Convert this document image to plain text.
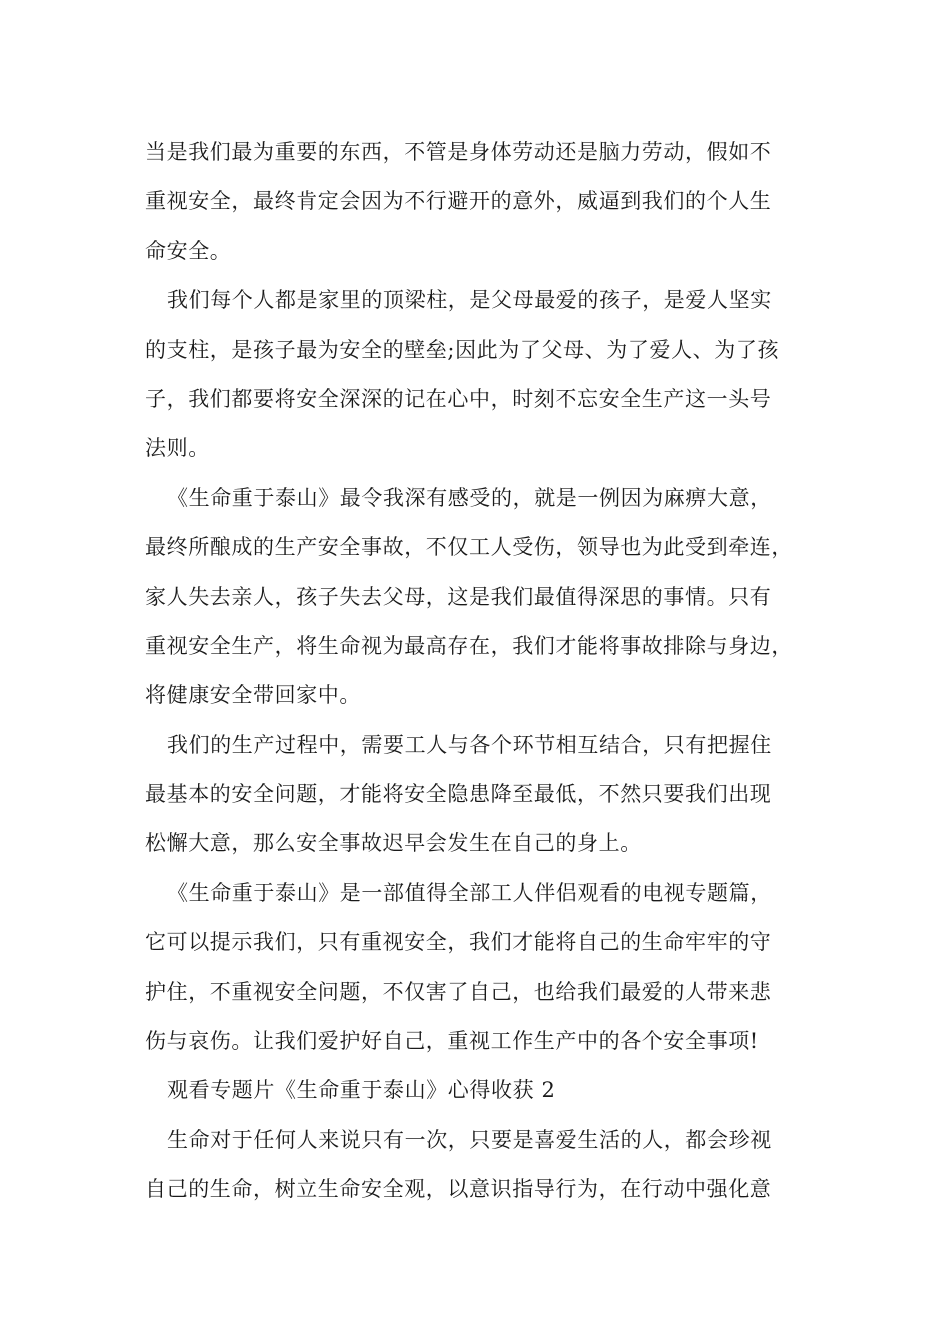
当是我们最为重要的东西，不管是身体劳动还是脑力劳动，假如不
重视安全，最终肯定会因为不行避开的意外，威逼到我们的个人生
命安全。
我们每个人都是家里的顶梁柱，是父母最爱的孩子，是爱人坚实
的支柱，是孩子最为安全的壁垒;因此为了父母、为了爱人、为了孩
子，我们都要将安全深深的记在心中，时刻不忘安全生产这一头号
法则。
《生命重于泰山》最令我深有感受的，就是一例因为麻痹大意，
最终所酿成的生产安全事故，不仅工人受伤，领导也为此受到牵连，
家人失去亲人，孩子失去父母，这是我们最值得深思的事情。只有
重视安全生产，将生命视为最高存在，我们才能将事故排除与身边，
将健康安全带回家中。
我们的生产过程中，需要工人与各个环节相互结合，只有把握住
最基本的安全问题，才能将安全隐患降至最低，不然只要我们出现
松懈大意，那么安全事故迟早会发生在自己的身上。
《生命重于泰山》是一部值得全部工人伴侣观看的电视专题篇，
它可以提示我们，只有重视安全，我们才能将自己的生命牢牢的守
护住，不重视安全问题，不仅害了自己，也给我们最爱的人带来悲
伤与哀伤。让我们爱护好自己，重视工作生产中的各个安全事项!
观看专题片《生命重于泰山》心得收获 2
生命对于任何人来说只有一次，只要是喜爱生活的人，都会珍视
自己的生命，树立生命安全观，以意识指导行为，在行动中强化意
